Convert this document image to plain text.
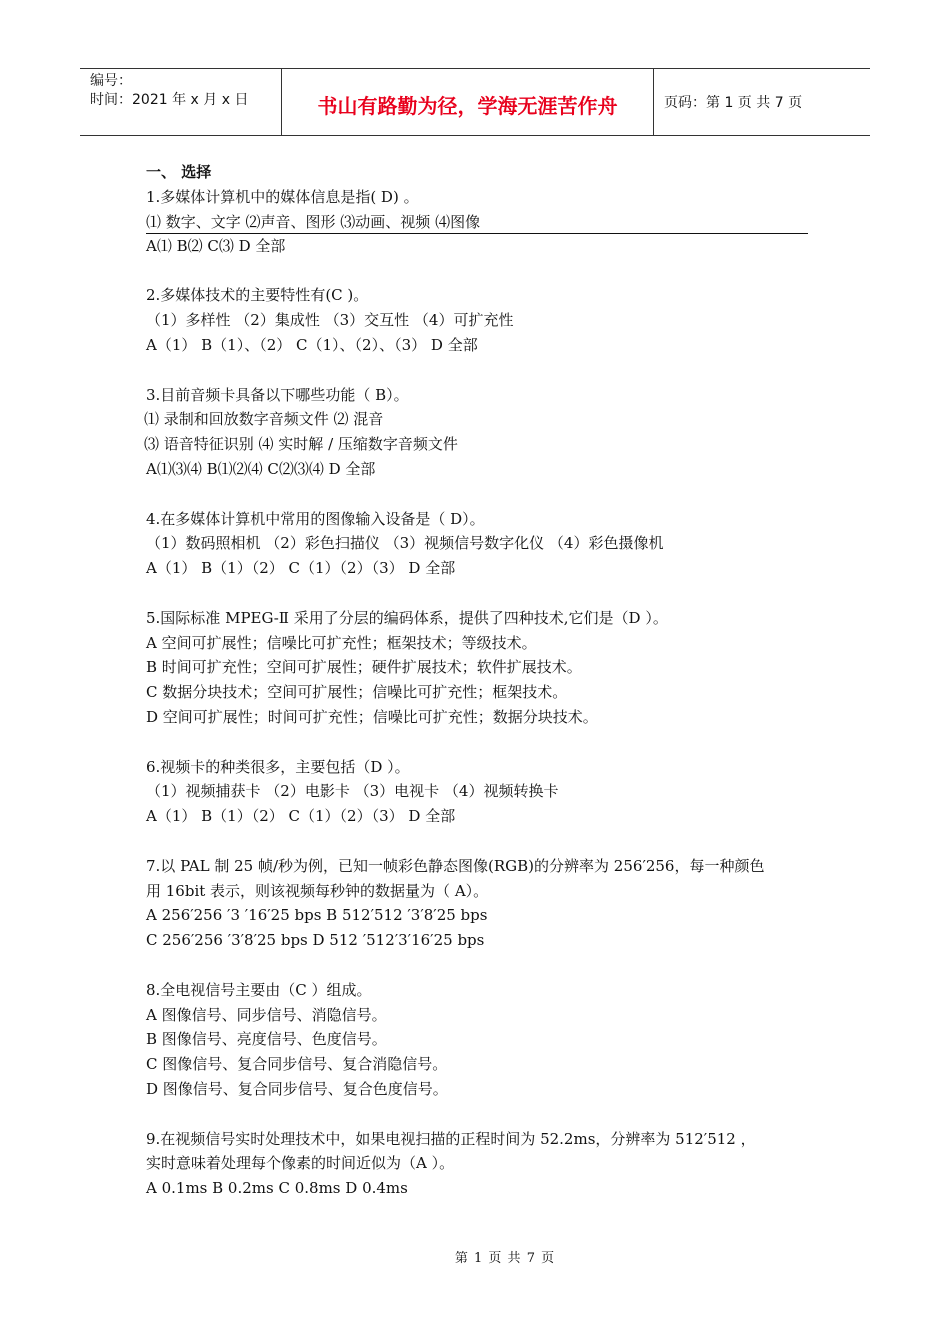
编号：
时间：2021 年 x 月 x 日	书山有路勤为径，学海无涯苦作舟	页码：第 1 页 共 7 页
一、 选择
1.多媒体计算机中的媒体信息是指( D) 。
⑴ 数字、文字 ⑵声音、图形 ⑶动画、视频 ⑷图像
A⑴ B⑵ C⑶ D 全部
2.多媒体技术的主要特性有(C )。
（1）多样性 （2）集成性 （3）交互性 （4）可扩充性
A（1） B（1）、（2） C（1）、（2）、（3） D 全部
3.目前音频卡具备以下哪些功能（ B）。
⑴ 录制和回放数字音频文件 ⑵ 混音
⑶ 语音特征识别 ⑷ 实时解 / 压缩数字音频文件
A⑴⑶⑷ B⑴⑵⑷ C⑵⑶⑷ D 全部
4.在多媒体计算机中常用的图像输入设备是（ D）。
（1）数码照相机 （2）彩色扫描仪 （3）视频信号数字化仪 （4）彩色摄像机
A（1） B（1）（2） C（1）（2）（3） D 全部
5.国际标准 MPEG-Ⅱ 采用了分层的编码体系，提供了四种技术,它们是（D ）。
A 空间可扩展性；信噪比可扩充性；框架技术；等级技术。
B 时间可扩充性；空间可扩展性；硬件扩展技术；软件扩展技术。
C 数据分块技术；空间可扩展性；信噪比可扩充性；框架技术。
D 空间可扩展性；时间可扩充性；信噪比可扩充性；数据分块技术。
6.视频卡的种类很多，主要包括（D ）。
（1）视频捕获卡 （2）电影卡 （3）电视卡 （4）视频转换卡
A（1） B（1）（2） C（1）（2）（3） D 全部
7.以 PAL 制 25 帧/秒为例，已知一帧彩色静态图像(RGB)的分辨率为 256′256，每一种颜色
用 16bit 表示，则该视频每秒钟的数据量为（ A）。
A 256′256 ′3 ′16′25 bps B 512′512 ′3′8′25 bps
C 256′256 ′3′8′25 bps D 512 ′512′3′16′25 bps
8.全电视信号主要由（C ）组成。
A 图像信号、同步信号、消隐信号。
B 图像信号、亮度信号、色度信号。
C 图像信号、复合同步信号、复合消隐信号。
D 图像信号、复合同步信号、复合色度信号。
9.在视频信号实时处理技术中，如果电视扫描的正程时间为 52.2ms，分辨率为 512′512 ，
实时意味着处理每个像素的时间近似为（A ）。
A 0.1ms B 0.2ms C 0.8ms D 0.4ms
第 1 页 共 7 页
